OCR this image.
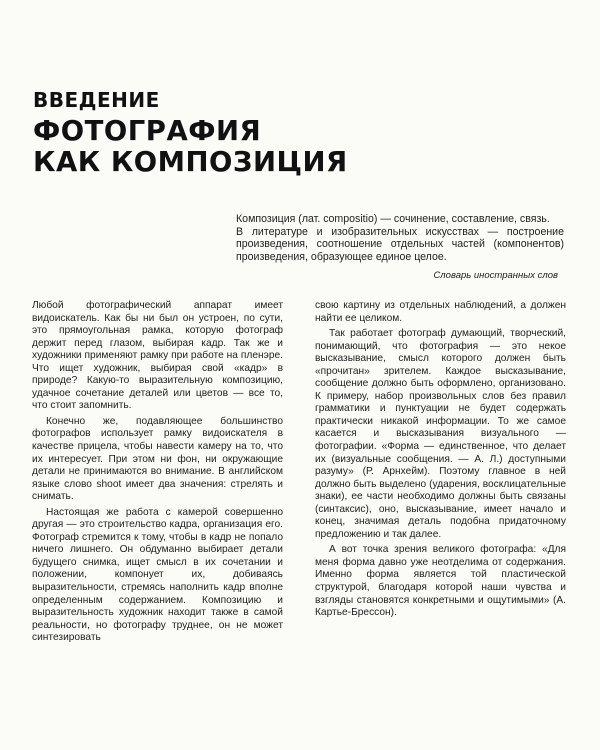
ВВЕДЕНИЕ
ФОТОГРАФИЯ
КАК КОМПОЗИЦИЯ

Композиция (лат. compositio) — сочинение, составление, связь.

В литературе и изобразительных искусствах — построение произведения, соотношение отдельных частей (компонентов) произведения, образующее единое целое.

Словарь иностранных слов

Любой фотографический аппарат имеет видоискатель. Как бы ни был он устроен, по сути, это прямоугольная рамка, которую фотограф держит перед глазом, выбирая кадр. Так же и художники применяют рамку при работе на пленэре. Что ищет художник, выбирая свой «кадр» в природе? Какую-то выразительную композицию, удачное сочетание деталей или цветов — все то, что стоит запомнить.

Конечно же, подавляющее большинство фотографов использует рамку видоискателя в качестве прицела, чтобы навести камеру на то, что их интересует. При этом ни фон, ни окружающие детали не принимаются во внимание. В английском языке слово shoot имеет два значения: стрелять и снимать.

Настоящая же работа с камерой совершенно другая — это строительство кадра, организация его. Фотограф стремится к тому, чтобы в кадр не попало ничего лишнего. Он обдуманно выбирает детали будущего снимка, ищет смысл в их сочетании и положении, компонует их, добиваясь выразительности, стремясь наполнить кадр вполне определенным содержанием. Композицию и выразительность художник находит также в самой реальности, но фотографу труднее, он не может синтезировать

свою картину из отдельных наблюдений, а должен найти ее целиком.

Так работает фотограф думающий, творческий, понимающий, что фотография — это некое высказывание, смысл которого должен быть «прочитан» зрителем. Каждое высказывание, сообщение должно быть оформлено, организовано. К примеру, набор произвольных слов без правил грамматики и пунктуации не будет содержать практически никакой информации. То же самое касается и высказывания визуального — фотографии. «Форма — единственное, что делает их (визуальные сообщения. — А. Л.) доступными разуму» (Р. Арнхейм). Поэтому главное в ней должно быть выделено (ударения, восклицательные знаки), ее части необходимо должны быть связаны (синтаксис), оно, высказывание, имеет начало и конец, значимая деталь подобна придаточному предложению и так далее.

А вот точка зрения великого фотографа: «Для меня форма давно уже неотделима от содержания. Именно форма является той пластической структурой, благодаря которой наши чувства и взгляды становятся конкретными и ощутимыми» (А. Картье-Брессон).
